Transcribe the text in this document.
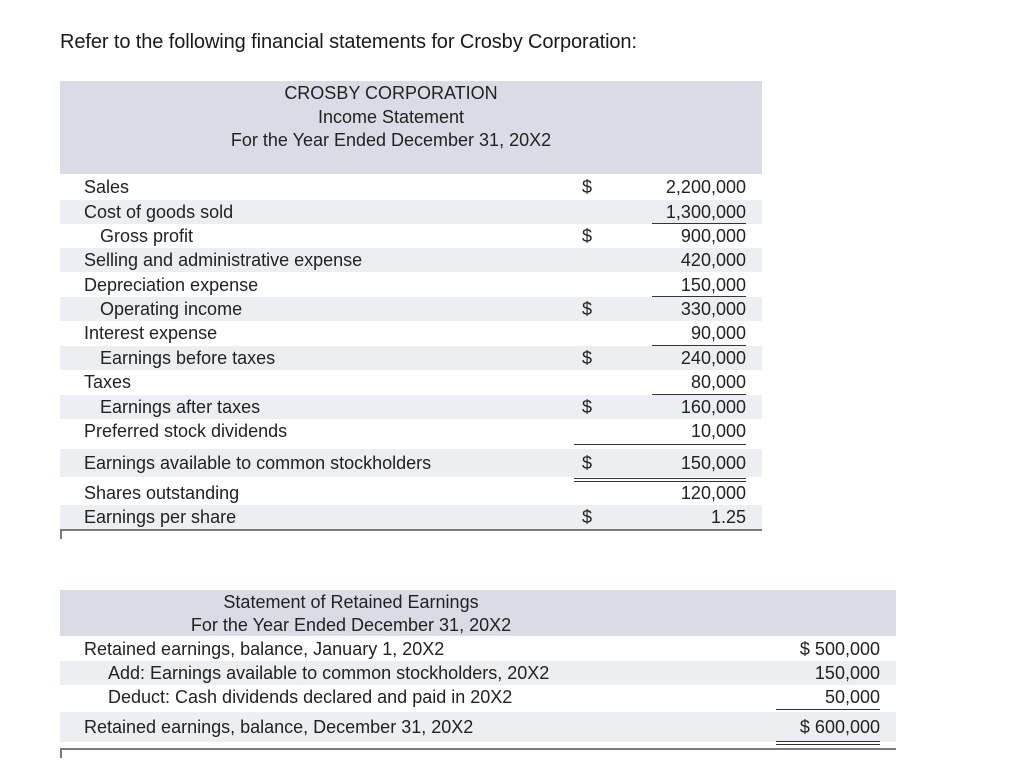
Refer to the following financial statements for Crosby Corporation:
CROSBY CORPORATION
Income Statement
For the Year Ended December 31, 20X2
Sales	$	2,200,000
Cost of goods sold	1,300,000
Gross profit	$	900,000
Selling and administrative expense	420,000
Depreciation expense	150,000
Operating income	$	330,000
Interest expense	90,000
Earnings before taxes	$	240,000
Taxes	80,000
Earnings after taxes	$	160,000
Preferred stock dividends	10,000
Earnings available to common stockholders	$	150,000
Shares outstanding	120,000
Earnings per share	$	1.25
Statement of Retained Earnings
For the Year Ended December 31, 20X2
Retained earnings, balance, January 1, 20X2	$ 500,000
Add: Earnings available to common stockholders, 20X2	150,000
Deduct: Cash dividends declared and paid in 20X2	50,000
Retained earnings, balance, December 31, 20X2	$ 600,000
